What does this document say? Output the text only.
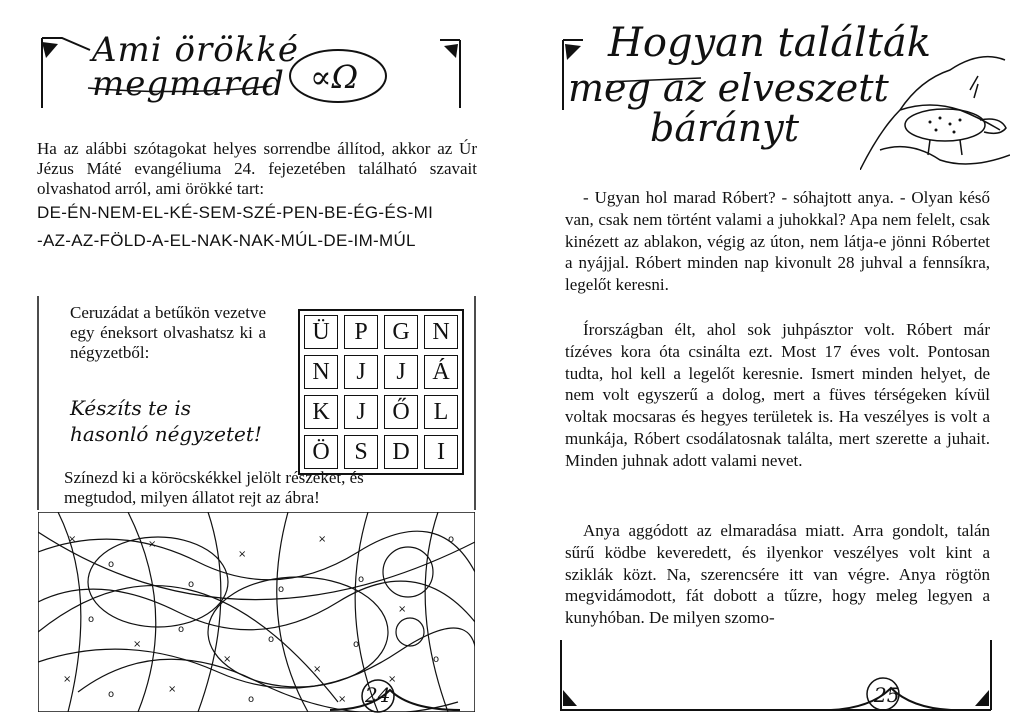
Ami örökké
megmarad ∝Ω
Ha az alábbi szótagokat helyes sorrendbe állítod, akkor az Úr Jézus Máté evangéliuma 24. fejezetében található szavait olvashatod arról, ami örökké tart:
DE-ÉN-NEM-EL-KÉ-SEM-SZÉ-PEN-BE-ÉG-ÉS-MI
-AZ-AZ-FÖLD-A-EL-NAK-NAK-MÚL-DE-IM-MÚL
Ceruzádat a betűkön vezetve egy éneksort olvashatsz ki a négyzetből:
Készíts te is hasonló négyzetet!
Ü	P	G N
N	J	J	Á
K	J	Ő L
Ö	S	D	I
Színezd ki a köröcskékkel jelölt részeket, és megtudod, milyen állatot rejt az ábra!
×
o
×
o
×
o
×
o
×
o
×
o
×
o
×
o
×
o
×
o	×
o	×
o
24
Hogyan találták
meg az elveszett
bárányt
- Ugyan hol marad Róbert? - sóhajtott anya. - Olyan késő van, csak nem történt valami a juhokkal? Apa nem felelt, csak kinézett az ablakon, végig az úton, nem látja-e jönni Róbertet a nyájjal. Róbert minden nap kivonult 28 juhval a fennsíkra, legelőt keresni.
Írországban élt, ahol sok juhpásztor volt. Róbert már tízéves kora óta csinálta ezt. Most 17 éves volt. Pontosan tudta, hol kell a legelőt keresnie. Ismert minden helyet, de nem volt egyszerű a dolog, mert a füves térségeken kívül voltak mocsaras és hegyes területek is. Ha veszélyes is volt a munkája, Róbert csodálatosnak találta, mert szerette a juhait. Minden juhnak adott valami nevet.
Anya aggódott az elmaradása miatt. Arra gondolt, talán sűrű ködbe keveredett, és ilyenkor veszélyes volt kint a sziklák közt. Na, szerencsére itt van végre. Anya rögtön megvidámodott, fát dobott a tűzre, hogy meleg legyen a kunyhóban. De milyen szomo-
25
